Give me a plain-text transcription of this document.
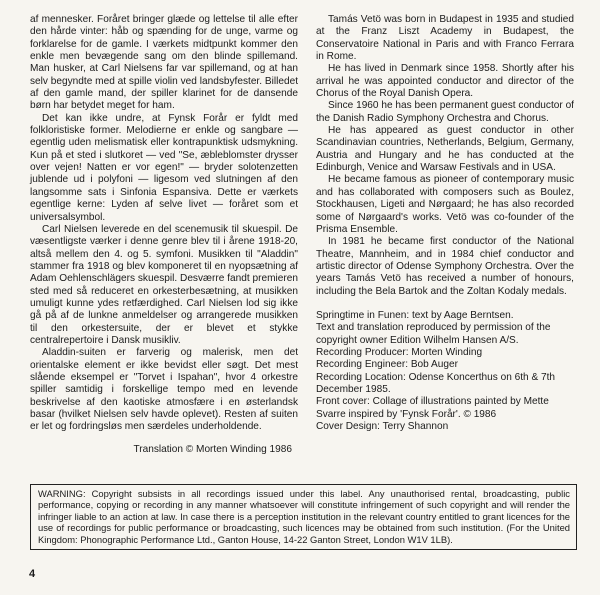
af mennesker. Foråret bringer glæde og lettelse til alle efter den hårde vinter: håb og spænding for de unge, varme og forklarelse for de gamle. I værkets midtpunkt kommer den enkle men bevægende sang om den blinde spillemand. Man husker, at Carl Nielsens far var spillemand, og at han selv begyndte med at spille violin ved landsbyfester. Billedet af den gamle mand, der spiller klarinet for de dansende børn har betydet meget for ham.

Det kan ikke undre, at Fynsk Forår er fyldt med folkloristiske former. Melodierne er enkle og sangbare — egentlig uden melismatisk eller kontrapunktisk udsmykning. Kun på et sted i slutkoret — ved "Se, æbleblomster drysser over vejen! Natten er vor egen!" — bryder solotenzetten jublende ud i polyfoni — ligesom ved slutningen af den langsomme sats i Sinfonia Espansiva. Dette er værkets egentlige kerne: Lyden af selve livet — foråret som et universalsymbol.

Carl Nielsen leverede en del scenemusik til skuespil. De væsentligste værker i denne genre blev til i årene 1918-20, altså mellem den 4. og 5. symfoni. Musikken til "Aladdin" stammer fra 1918 og blev komponeret til en nyopsætning af Adam Oehlenschlägers skuespil. Desværre fandt premieren sted med så reduceret en orkesterbesætning, at musikken umuligt kunne ydes retfærdighed. Carl Nielsen lod sig ikke gå på af de lunkne anmeldelser og arrangerede musikken til den orkestersuite, der er blevet et stykke centralrepertoire i Dansk musikliv.

Aladdin-suiten er farverig og malerisk, men det orientalske element er ikke bevidst eller søgt. Det mest slående eksempel er "Torvet i Ispahan", hvor 4 orkestre spiller samtidig i forskellige tempo med en levende beskrivelse af den kaotiske atmosfære i en østerlandsk basar (hvilket Nielsen selv havde oplevet). Resten af suiten er let og fordringsløs men særdeles underholdende.

Translation © Morten Winding 1986

Tamás Vetö was born in Budapest in 1935 and studied at the Franz Liszt Academy in Budapest, the Conservatoire National in Paris and with Franco Ferrara in Rome.

He has lived in Denmark since 1958. Shortly after his arrival he was appointed conductor and director of the Chorus of the Royal Danish Opera.

Since 1960 he has been permanent guest conductor of the Danish Radio Symphony Orchestra and Chorus.

He has appeared as guest conductor in other Scandinavian countries, Netherlands, Belgium, Germany, Austria and Hungary and he has conducted at the Edinburgh, Venice and Warsaw Festivals and in USA.

He became famous as pioneer of contemporary music and has collaborated with composers such as Boulez, Stockhausen, Ligeti and Nørgaard; he has also recorded some of Nørgaard's works. Vetö was co-founder of the Prisma Ensemble.

In 1981 he became first conductor of the National Theatre, Mannheim, and in 1984 chief conductor and artistic director of Odense Symphony Orchestra. Over the years Tamás Vetö has received a number of honours, including the Bela Bartok and the Zoltan Kodaly medals.

Springtime in Funen: text by Aage Berntsen.
Text and translation reproduced by permission of the copyright owner Edition Wilhelm Hansen A/S.
Recording Producer: Morten Winding
Recording Engineer: Bob Auger
Recording Location: Odense Koncerthus on 6th & 7th December 1985.
Front cover: Collage of illustrations painted by Mette Svarre inspired by 'Fynsk Forår'. © 1986
Cover Design: Terry Shannon
WARNING: Copyright subsists in all recordings issued under this label. Any unauthorised rental, broadcasting, public performance, copying or recording in any manner whatsoever will constitute infringement of such copyright and will render the infringer liable to an action at law. In case there is a perception institution in the relevant country entitled to grant licences for the use of recordings for public performance or broadcasting, such licences may be obtained from such institution. (For the United Kingdom: Phonographic Performance Ltd., Ganton House, 14-22 Ganton Street, London W1V 1LB).
4
